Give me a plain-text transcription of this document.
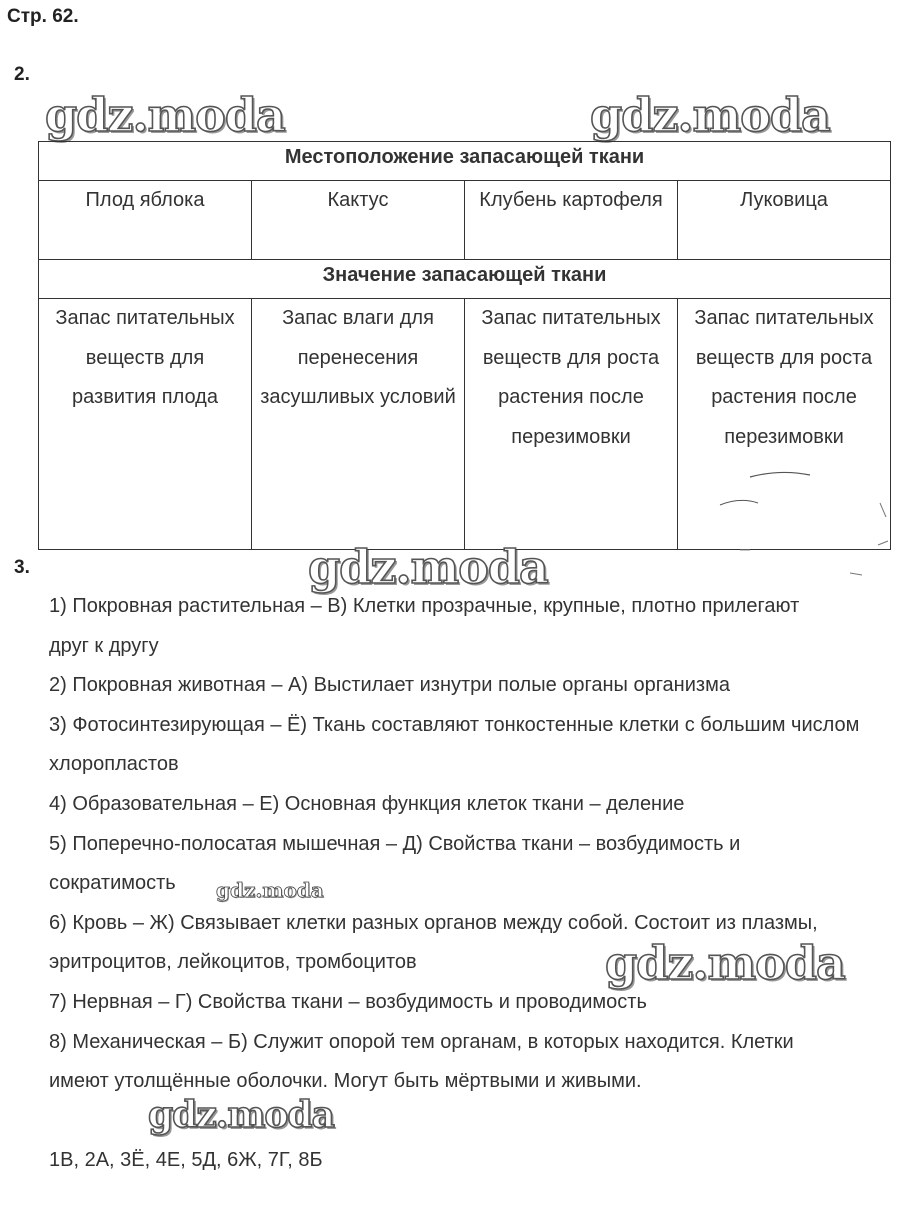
Стр. 62.
2.
gdz.moda	gdz.moda
Местоположение запасающей ткани			
Плод яблока	Кактус	Клубень картофеля	Луковица
Значение запасающей ткани			
Запас питательных веществ для развития плода	Запас влаги для перенесения засушливых условий	Запас питательных веществ для роста растения после перезимовки	Запас питательных веществ для роста растения после перезимовки
3.	gdz.moda
gdz.moda
gdz.moda
gdz.moda

1) Покровная растительная – В) Клетки прозрачные, крупные, плотно прилегают друг к другу

2) Покровная животная – А) Выстилает изнутри полые органы организма

3) Фотосинтезирующая – Ё) Ткань составляют тонкостенные клетки с большим числом хлоропластов

4) Образовательная – Е) Основная функция клеток ткани – деление

5) Поперечно-полосатая мышечная – Д) Свойства ткани – возбудимость и сократимость

6) Кровь – Ж) Связывает клетки разных органов между собой. Состоит из плазмы, эритроцитов, лейкоцитов, тромбоцитов

7) Нервная – Г) Свойства ткани – возбудимость и проводимость

8) Механическая – Б) Служит опорой тем органам, в которых находится. Клетки имеют утолщённые оболочки. Могут быть мёртвыми и живыми.

1В, 2А, 3Ё, 4Е, 5Д, 6Ж, 7Г, 8Б
